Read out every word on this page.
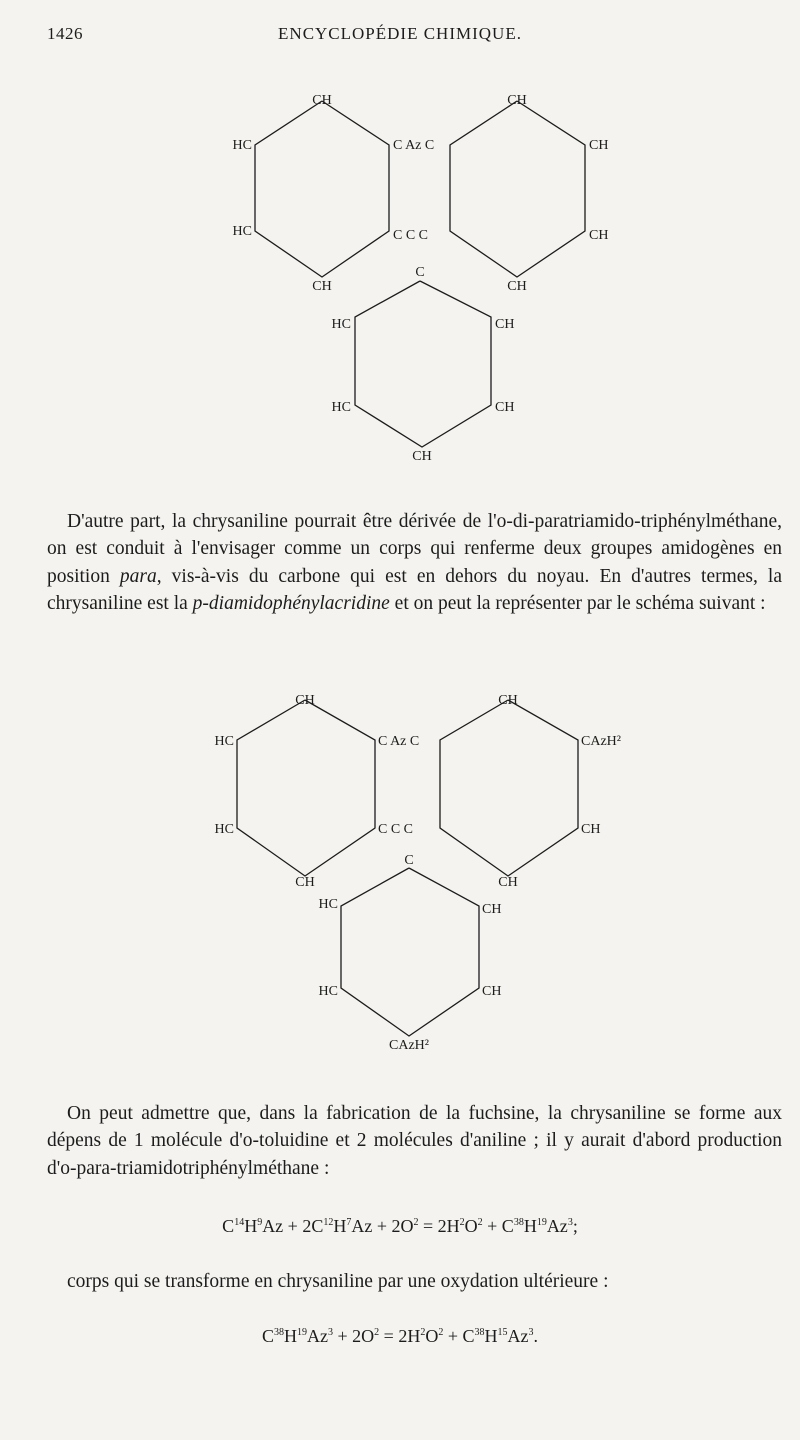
1426	ENCYCLOPÉDIE CHIMIQUE.
CH
HC	C Az C
HC	C C C
CH
CH
CH
CH
CH
C
HC	CH
HC	CH
CH

D'autre part, la chrysaniline pourrait être dérivée de l'o-di-paratriamido-triphénylméthane, on est conduit à l'envisager comme un corps qui renferme deux groupes amidogènes en position para, vis-à-vis du carbone qui est en dehors du noyau. En d'autres termes, la chrysaniline est la p-diamidophénylacridine et on peut la représenter par le schéma suivant :

CH
HC	C Az C
HC	C C C
CH
CH
CAzH²
CH
CH
C
HC	CH
HC	CH
CAzH²

On peut admettre que, dans la fabrication de la fuchsine, la chrysaniline se forme aux dépens de 1 molécule d'o-toluidine et 2 molécules d'aniline ; il y aurait d'abord production d'o-para-triamidotriphénylméthane :

$C^{14}H^9Az + 2C^{12}H^7Az + 2O^2 = 2H^2O^2 + C^{38}H^{19}Az^3$;

corps qui se transforme en chrysaniline par une oxydation ultérieure :

$C^{38}H^{19}Az^3 + 2O^2 = 2H^2O^2 + C^{38}H^{15}Az^3$.
